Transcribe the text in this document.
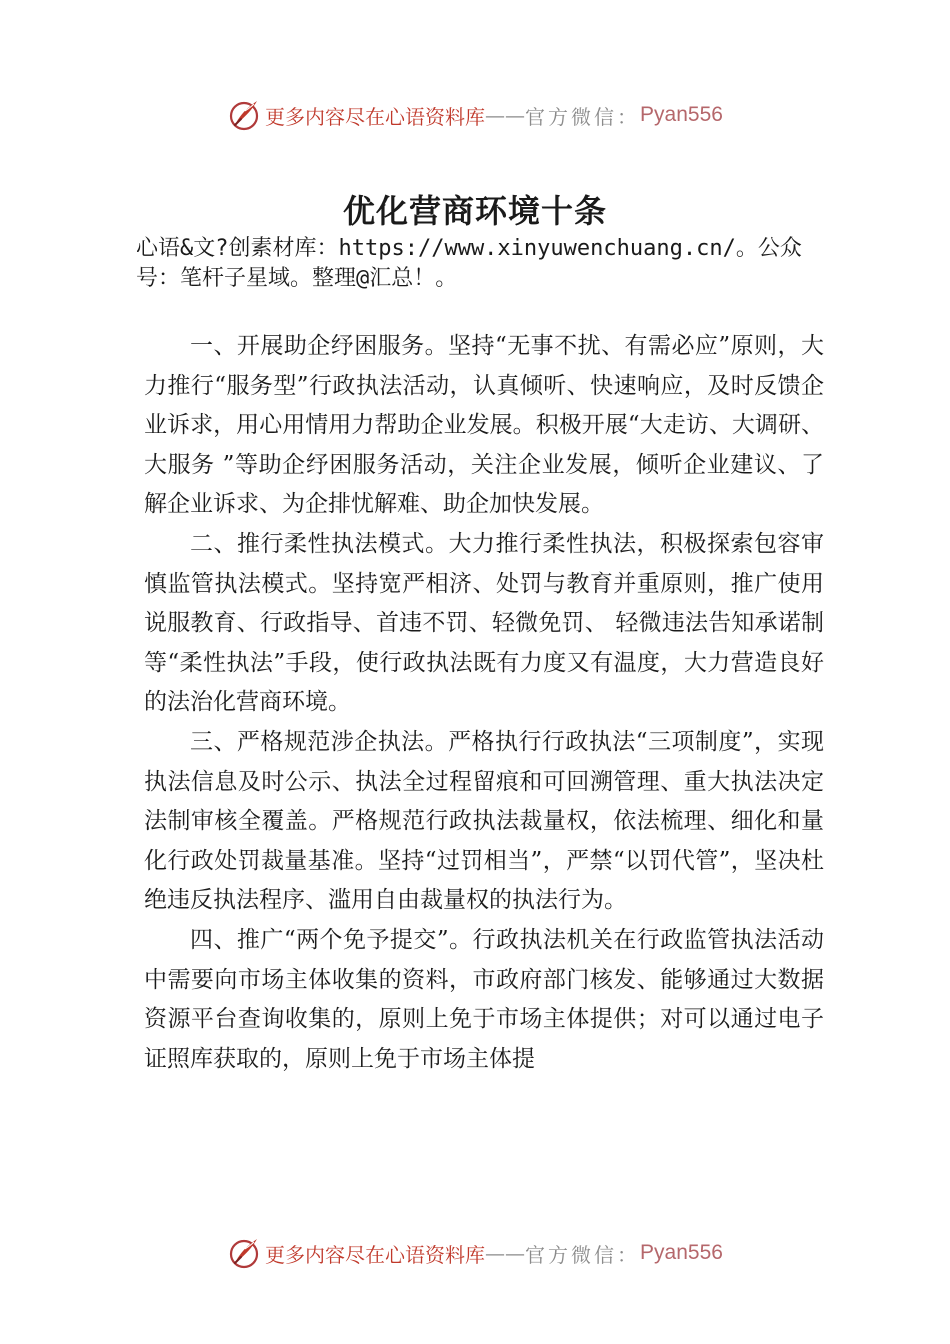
更多内容尽在心语资料库 —— 官方微信： Pyan556
优化营商环境十条

心语&文?创素材库：https://www.xinyuwenchuang.cn/。公众号：笔杆子星域。整理@汇总！。

一、开展助企纾困服务。坚持“无事不扰、有需必应”原则，大力推行“服务型”行政执法活动，认真倾听、快速响应，及时反馈企业诉求，用心用情用力帮助企业发展。积极开展“大走访、大调研、大服务 ”等助企纾困服务活动，关注企业发展，倾听企业建议、了解企业诉求、为企排忧解难、助企加快发展。

二、推行柔性执法模式。大力推行柔性执法，积极探索包容审慎监管执法模式。坚持宽严相济、处罚与教育并重原则，推广使用说服教育、行政指导、首违不罚、轻微免罚、 轻微违法告知承诺制等“柔性执法”手段，使行政执法既有力度又有温度，大力营造良好的法治化营商环境。

三、严格规范涉企执法。严格执行行政执法“三项制度”，实现执法信息及时公示、执法全过程留痕和可回溯管理、重大执法决定法制审核全覆盖。严格规范行政执法裁量权，依法梳理、细化和量化行政处罚裁量基准。坚持“过罚相当”，严禁“以罚代管”，坚决杜绝违反执法程序、滥用自由裁量权的执法行为。

四、推广“两个免予提交”。行政执法机关在行政监管执法活动中需要向市场主体收集的资料，市政府部门核发、能够通过大数据资源平台查询收集的，原则上免于市场主体提供；对可以通过电子证照库获取的，原则上免于市场主体提

更多内容尽在心语资料库 —— 官方微信： Pyan556
